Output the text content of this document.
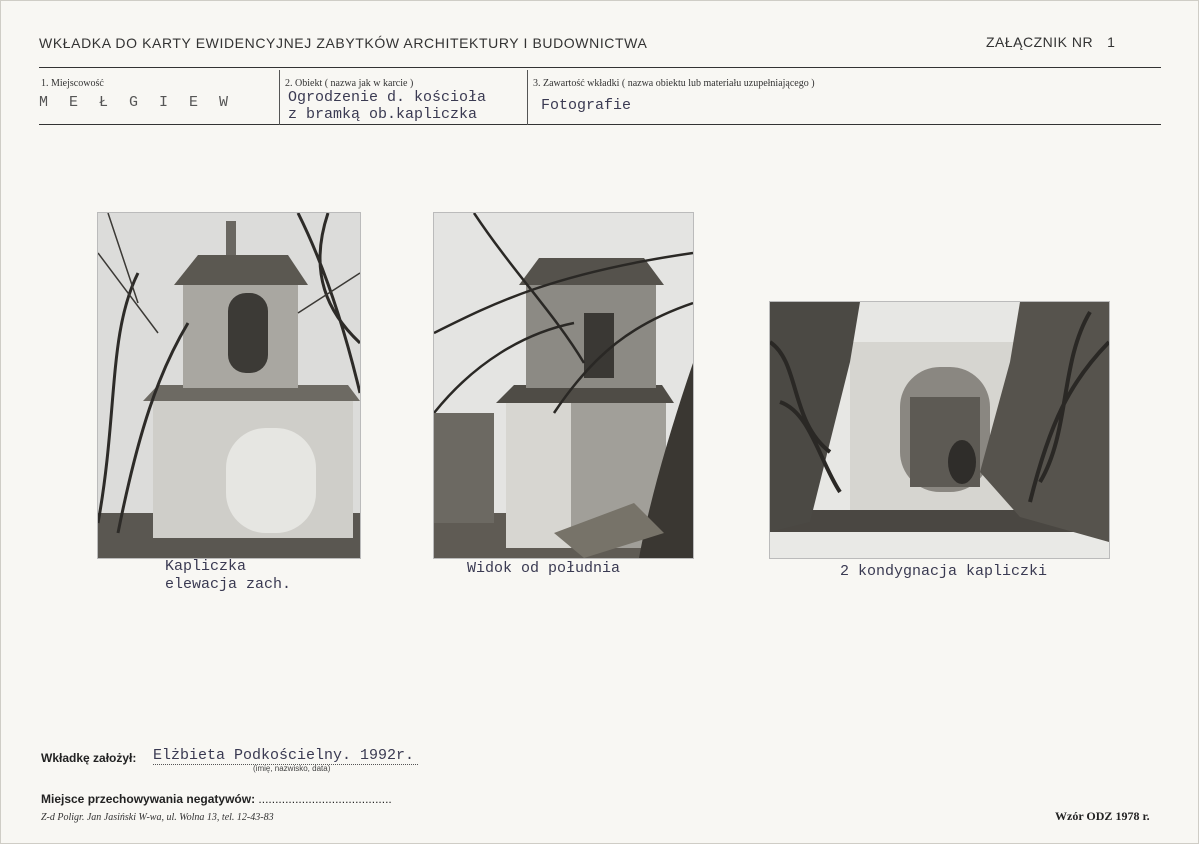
WKŁADKA DO KARTY EWIDENCYJNEJ ZABYTKÓW ARCHITEKTURY I BUDOWNICTWA	ZAŁĄCZNIK NR 1
1. Miejscowość
M E Ł G I E W
2. Obiekt ( nazwa jak w karcie )
Ogrodzenie d. kościoła
z bramką ob.kapliczka
3. Zawartość wkładki ( nazwa obiektu lub materiału uzupełniającego )
Fotografie
Kapliczka
elewacja zach.
Widok od południa	2 kondygnacja kapliczki
Wkładkę założył: Elżbieta Podkościelny. 1992r.
(imię, nazwisko, data)
Miejsce przechowywania negatywów: ........................................
Z-d Poligr. Jan Jasiński W-wa, ul. Wolna 13, tel. 12-43-83	Wzór ODZ 1978 r.
